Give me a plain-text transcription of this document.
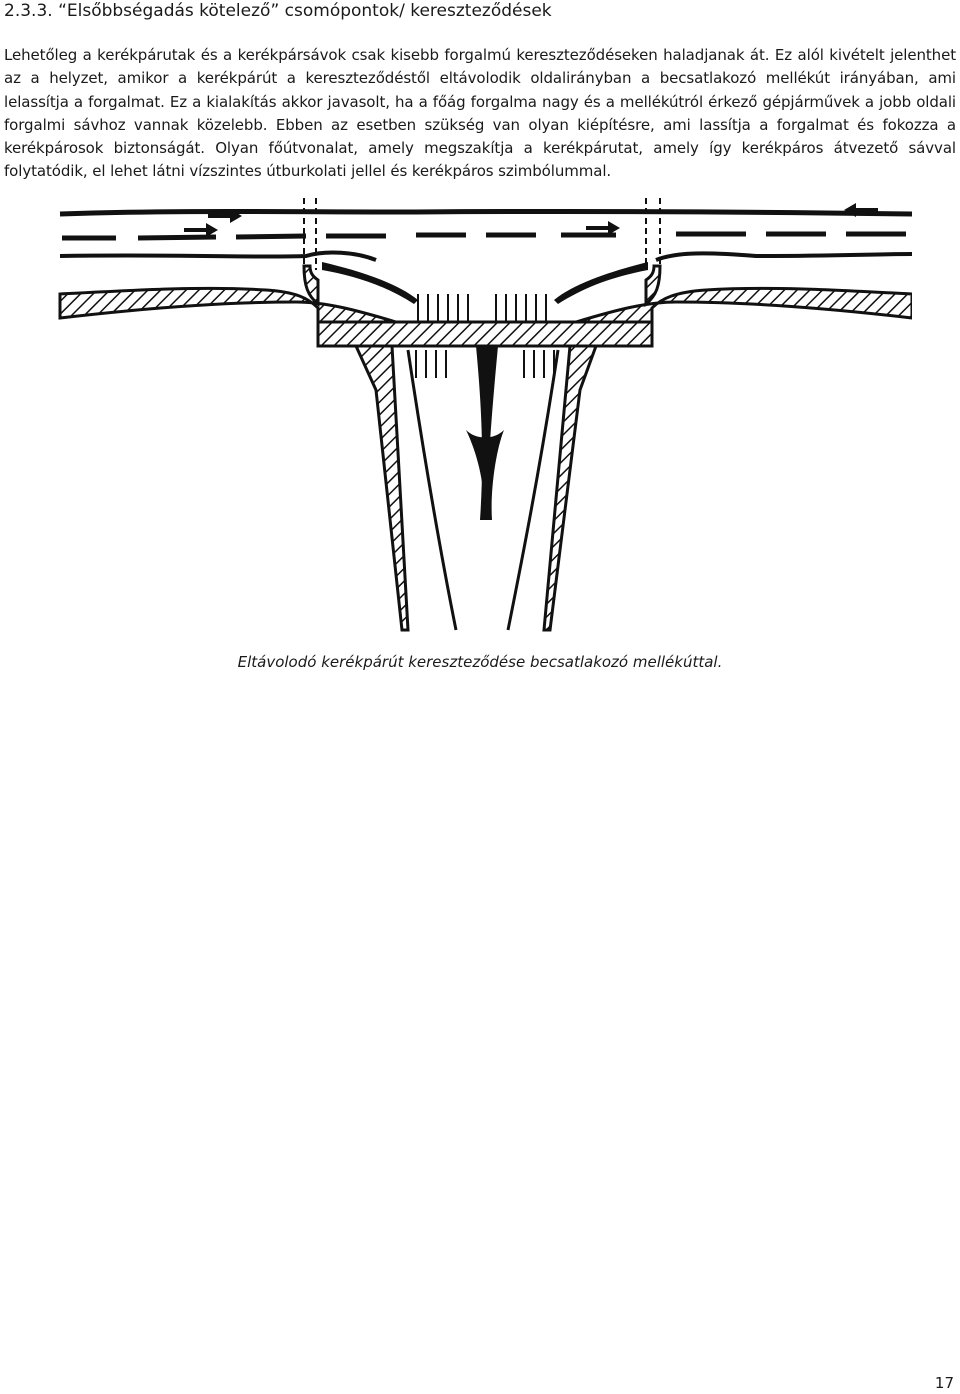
2.3.3. “Elsőbbségadás kötelező” csomópontok/ kereszteződések

Lehetőleg a kerékpárutak és a kerékpársávok csak kisebb forgalmú kereszteződéseken haladjanak át. Ez alól kivételt jelenthet az a helyzet, amikor a kerékpárút a kereszteződéstől eltávolodik oldalirányban a becsatlakozó mellékút irányában, ami lelassítja a forgalmat. Ez a kialakítás akkor javasolt, ha a főág forgalma nagy és a mellékútról érkező gépjárművek a jobb oldali forgalmi sávhoz vannak közelebb. Ebben az esetben szükség van olyan kiépítésre, ami lassítja a forgalmat és fokozza a kerékpárosok biztonságát. Olyan főútvonalat, amely megszakítja a kerékpárutat, amely így kerékpáros átvezető sávval folytatódik, el lehet látni vízszintes útburkolati jellel és kerékpáros szimbólummal.

Eltávolodó kerékpárút kereszteződése becsatlakozó mellékúttal.

17
